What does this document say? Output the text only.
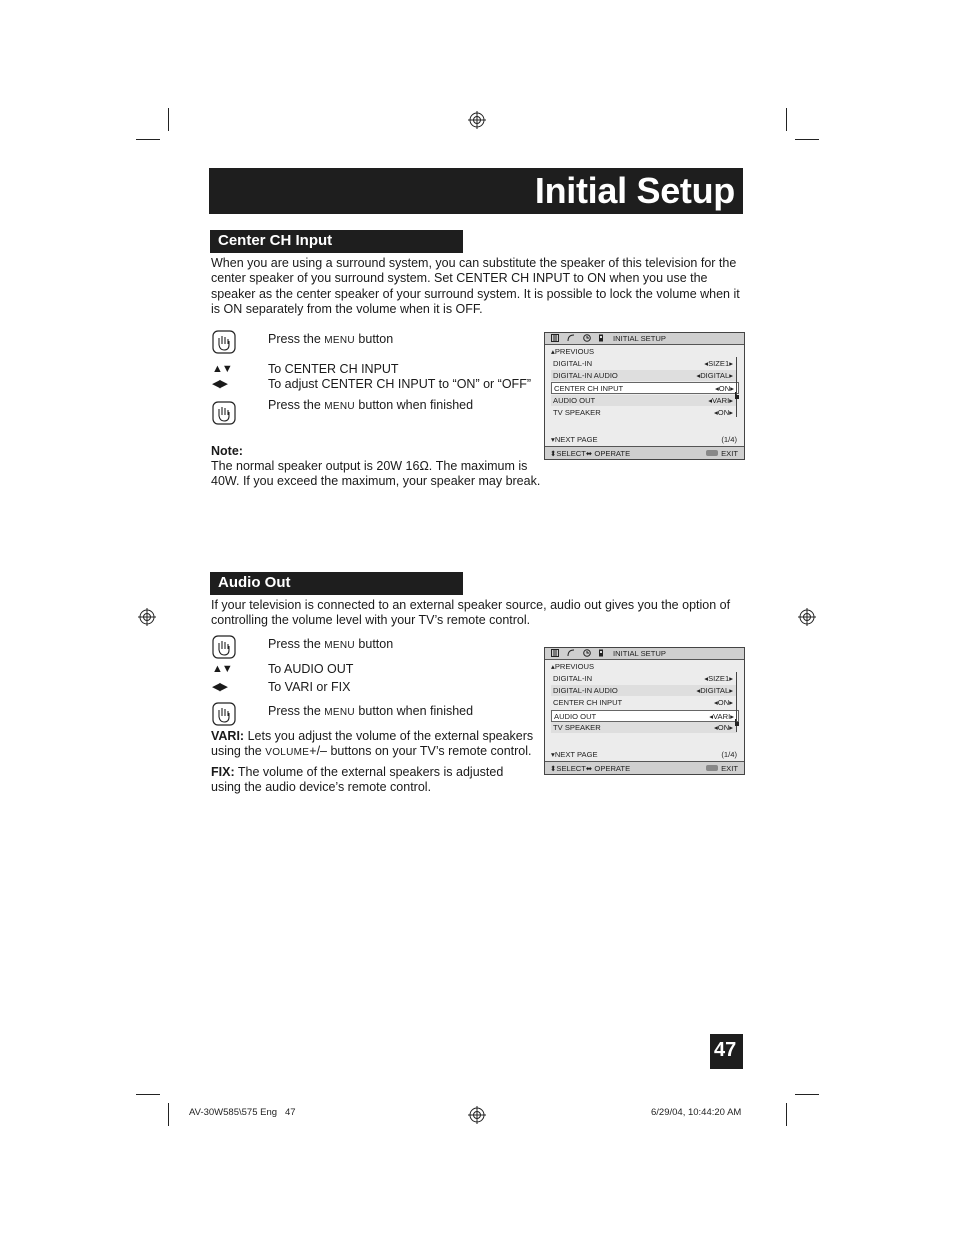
Initial Setup
Center CH Input
When you are using a surround system, you can substitute the speaker of this television for the center speaker of you surround system. Set CENTER CH INPUT to ON when you use the speaker as the center speaker of your surround system. It is possible to lock the volume when it is ON separately from the volume when it is OFF.
Press the MENU button
▲▼	To CENTER CH INPUT
◀▶	To adjust CENTER CH INPUT to “ON” or “OFF”
Press the MENU button when finished
Note:
The normal speaker output is 20W 16Ω. The maximum is 40W. If you exceed the maximum, your speaker may break.
INITIAL SETUP
▴PREVIOUS
DIGITAL-IN	◂SIZE1▸
DIGITAL-IN AUDIO	◂DIGITAL▸
CENTER CH INPUT	◂ON▸
AUDIO OUT	◂VARI▸
TV SPEAKER	◂ON▸
▾NEXT PAGE	(1/4)
⬍SELECT⬌ OPERATE	EXIT
Audio Out
If your television is connected to an external speaker source, audio out gives you the option of controlling the volume level with your TV’s remote control.
Press the MENU button
▲▼	To AUDIO OUT
◀▶	To VARI or FIX
Press the MENU button when finished
VARI: Lets you adjust the volume of the external speakers
using the VOLUME+/– buttons on your TV’s remote control.
FIX: The volume of the external speakers is adjusted
using the audio device’s remote control.
INITIAL SETUP
▴PREVIOUS
DIGITAL-IN	◂SIZE1▸
DIGITAL-IN AUDIO	◂DIGITAL▸
CENTER CH INPUT	◂ON▸
AUDIO OUT	◂VARI▸
TV SPEAKER	◂ON▸
▾NEXT PAGE	(1/4)
⬍SELECT⬌ OPERATE	EXIT
47
AV-30W585\575 Eng   47	6/29/04, 10:44:20 AM
